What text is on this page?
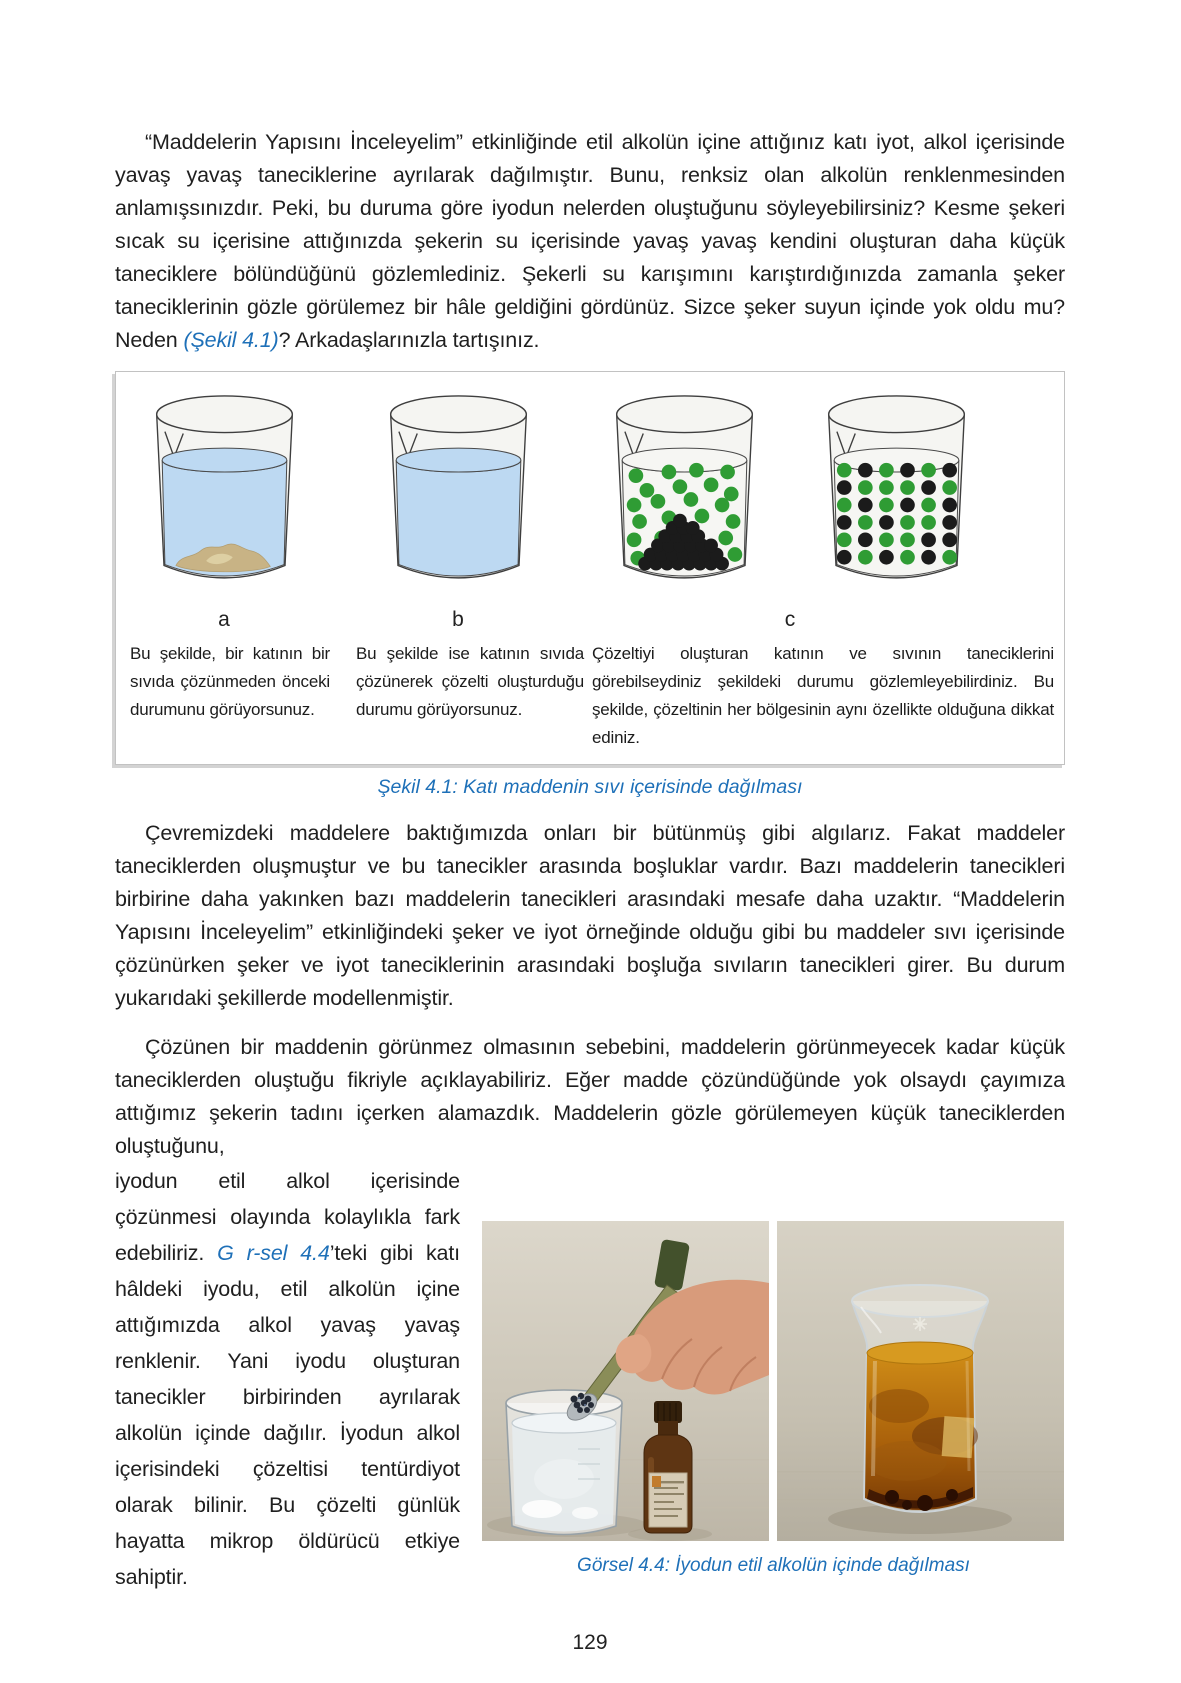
“Maddelerin Yapısını İnceleyelim” etkinliğinde etil alkolün içine attığınız katı iyot, alkol içerisinde yavaş yavaş taneciklerine ayrılarak dağılmıştır. Bunu, renksiz olan alkolün renklenmesinden anlamışsınızdır. Peki, bu duruma göre iyodun nelerden oluştuğunu söyleyebilirsiniz? Kesme şekeri sıcak su içerisine attığınızda şekerin su içerisinde yavaş yavaş kendini oluşturan daha küçük taneciklere bölündüğünü gözlemlediniz. Şekerli su karışımını karıştırdığınızda zamanla şeker taneciklerinin gözle görülemez bir hâle geldiğini gördünüz. Sizce şeker suyun içinde yok oldu mu? Neden (Şekil 4.1)? Arkadaşlarınızla tartışınız.

a	b	c
Bu şekilde, bir katının bir sıvıda çözünmeden önceki durumunu görüyorsunuz.
Bu şekilde ise katının sıvıda çözünerek çözelti oluşturduğu durumu görüyorsunuz.
Çözeltiyi oluşturan katının ve sıvının taneciklerini görebilseydiniz şekildeki durumu gözlemleyebilirdiniz. Bu şekilde, çözeltinin her bölgesinin aynı özellikte olduğuna dikkat ediniz.
Şekil 4.1: Katı maddenin sıvı içerisinde dağılması

Çevremizdeki maddelere baktığımızda onları bir bütünmüş gibi algılarız. Fakat maddeler taneciklerden oluşmuştur ve bu tanecikler arasında boşluklar vardır. Bazı maddelerin tanecikleri birbirine daha yakınken bazı maddelerin tanecikleri arasındaki mesafe daha uzaktır. “Maddelerin Yapısını İnceleyelim” etkinliğindeki şeker ve iyot örneğinde olduğu gibi bu maddeler sıvı içerisinde çözünürken şeker ve iyot taneciklerinin arasındaki boşluğa sıvıların tanecikleri girer. Bu durum yukarıdaki şekillerde modellenmiştir.

Çözünen bir maddenin görünmez olmasının sebebini, maddelerin görünmeyecek kadar küçük taneciklerden oluştuğu fikriyle açıklayabiliriz. Eğer madde çözündüğünde yok olsaydı çayımıza attığımız şekerin tadını içerken alamazdık. Maddelerin gözle görülemeyen küçük taneciklerden oluştuğunu,

iyodun etil alkol içerisinde çözünmesi olayında kolaylıkla fark edebiliriz. G r-sel 4.4’teki gibi katı hâldeki iyodu, etil alkolün içine attığımızda alkol yavaş yavaş renklenir. Yani iyodu oluşturan tanecikler birbirinden ayrılarak alkolün içinde dağılır. İyodun alkol içerisindeki çözeltisi tentürdiyot olarak bilinir. Bu çözelti günlük hayatta mikrop öldürücü etkiye sahiptir.	Görsel 4.4: İyodun etil alkolün içinde dağılması
129
